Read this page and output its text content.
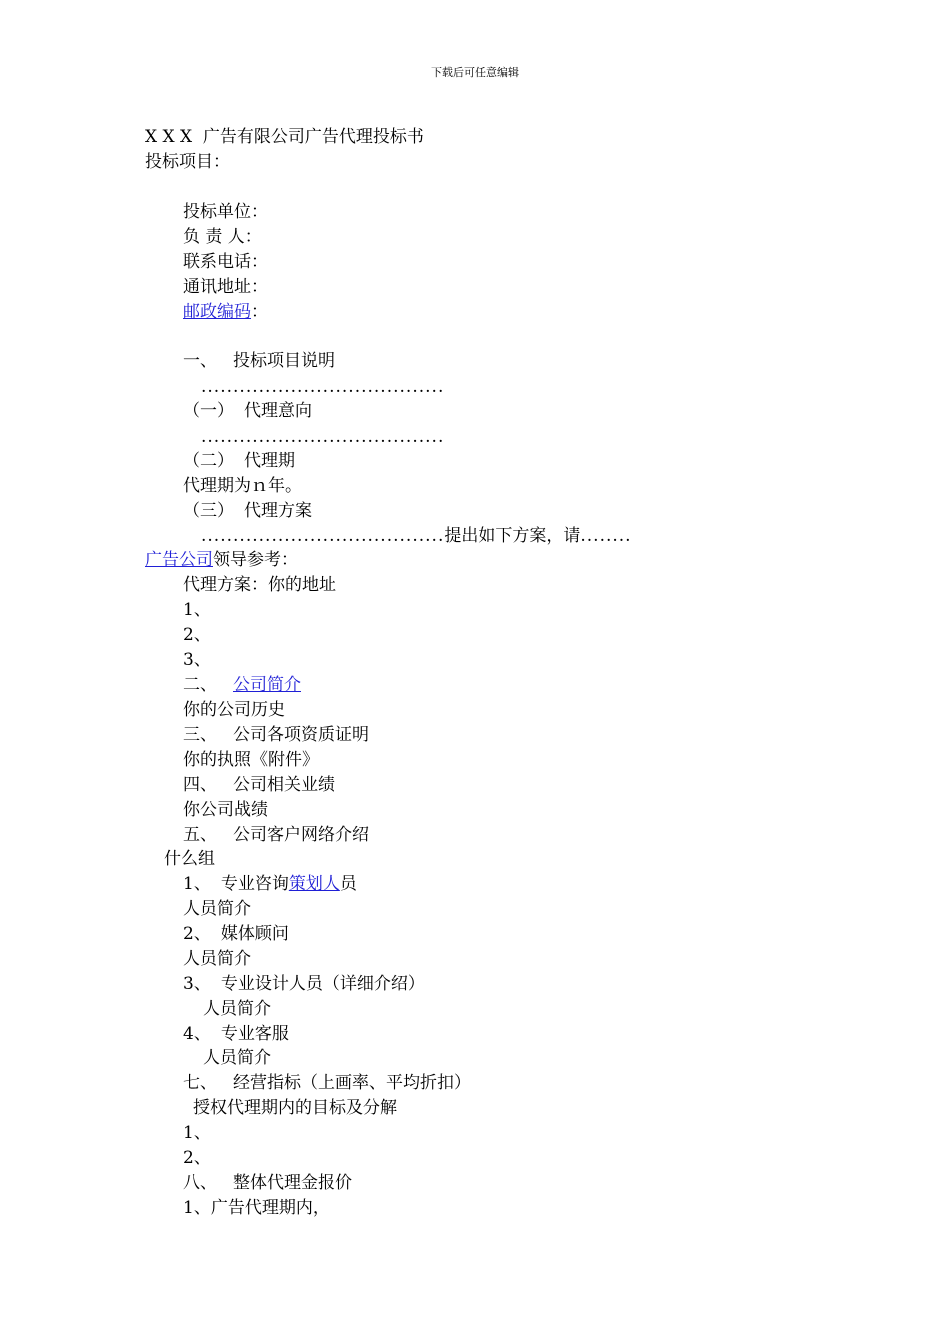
下载后可任意编辑
X X X  广告有限公司广告代理投标书
投标项目：
投标单位：
负 责 人：
联系电话：
通讯地址：
邮政编码：
一、 投标项目说明
......................................
（一） 代理意向
......................................
（二） 代理期
代理期为ｎ年。
（三） 代理方案
......................................提出如下方案，请........
广告公司领导参考：
代理方案：你的地址
1、
2、
3、
二、 公司简介
你的公司历史
三、 公司各项资质证明
你的执照《附件》
四、 公司相关业绩
你公司战绩
五、 公司客户网络介绍
什么组
1、 专业咨询策划人员
人员简介
2、 媒体顾问
人员简介
3、 专业设计人员（详细介绍）
人员简介
4、 专业客服
人员简介
七、 经营指标（上画率、平均折扣）
授权代理期内的目标及分解
1、
2、
八、 整体代理金报价
1、广告代理期内，
